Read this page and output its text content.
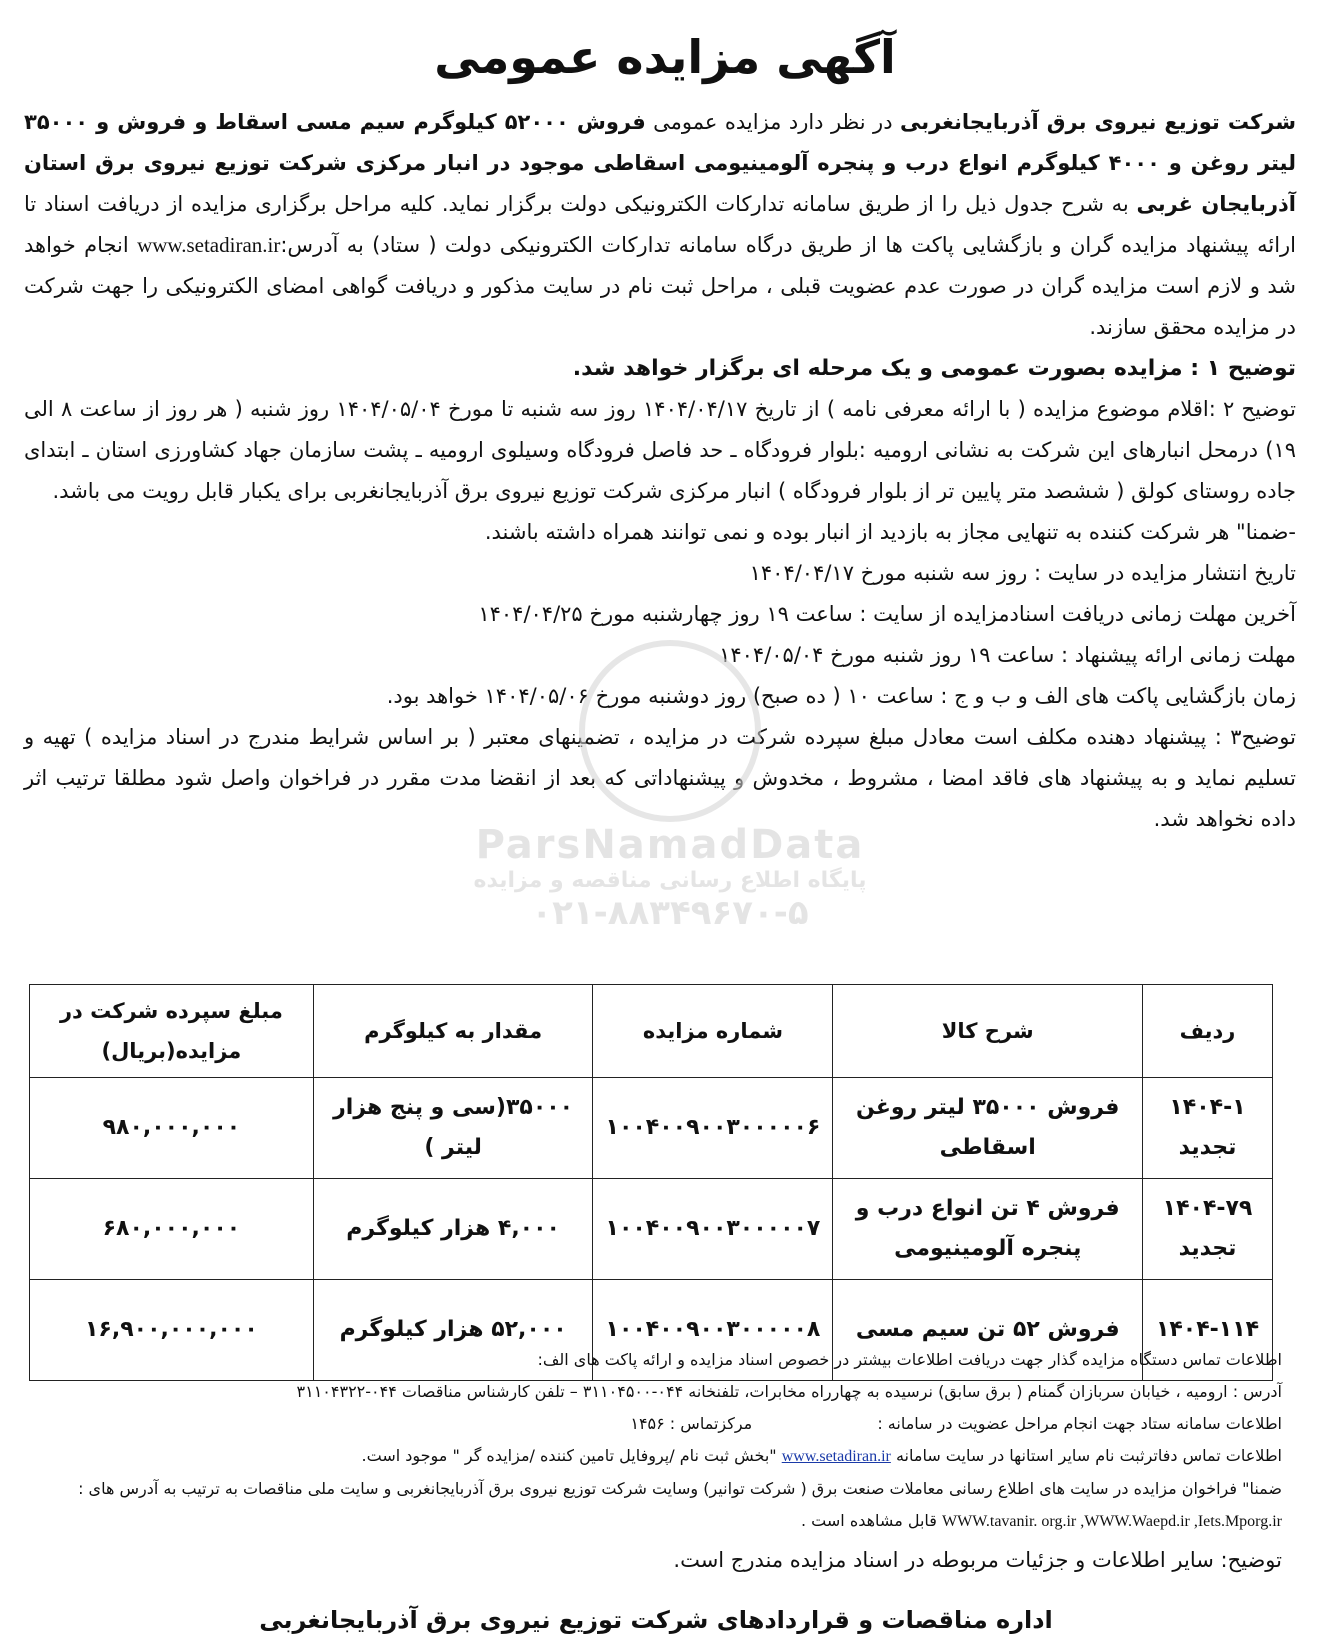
آگهی مزایده عمومی

شرکت توزیع نیروی برق آذربایجانغربی در نظر دارد مزایده عمومی فروش ۵۲۰۰۰ کیلوگرم سیم مسی اسقاط و فروش و ۳۵۰۰۰ لیتر روغن و ۴۰۰۰ کیلوگرم انواع درب و پنجره آلومینیومی اسقاطی موجود در انبار مرکزی شرکت توزیع نیروی برق استان آذربایجان غربی به شرح جدول ذیل را از طریق سامانه تدارکات الکترونیکی دولت برگزار نماید. کلیه مراحل برگزاری مزایده از دریافت اسناد تا ارائه پیشنهاد مزایده گران و بازگشایی پاکت ها از طریق درگاه سامانه تدارکات الکترونیکی دولت ( ستاد) به آدرس:www.setadiran.ir انجام خواهد شد و لازم است مزایده گران در صورت عدم عضویت قبلی ، مراحل ثبت نام در سایت مذکور و دریافت گواهی امضای الکترونیکی را جهت شرکت در مزایده محقق سازند.

توضیح ۱ : مزایده بصورت عمومی و یک مرحله ای برگزار خواهد شد.

توضیح ۲ :اقلام موضوع مزایده ( با ارائه معرفی نامه ) از تاریخ ۱۴۰۴/۰۴/۱۷ روز سه شنبه تا مورخ ۱۴۰۴/۰۵/۰۴ روز شنبه ( هر روز از ساعت ۸ الی ۱۹) درمحل انبارهای این شرکت به نشانی ارومیه :بلوار فرودگاه ـ حد فاصل فرودگاه وسیلوی ارومیه ـ پشت سازمان جهاد کشاورزی استان ـ ابتدای جاده روستای کولق ( ششصد متر پایین تر از بلوار فرودگاه ) انبار مرکزی شرکت توزیع نیروی برق آذربایجانغربی برای یکبار قابل رویت می باشد.

-ضمنا" هر شرکت کننده به تنهایی مجاز به بازدید از انبار بوده و نمی توانند همراه داشته باشند.

تاریخ انتشار مزایده در سایت : روز سه شنبه مورخ ۱۴۰۴/۰۴/۱۷

آخرین مهلت زمانی دریافت اسنادمزایده از سایت : ساعت ۱۹ روز چهارشنبه مورخ ۱۴۰۴/۰۴/۲۵

مهلت زمانی ارائه پیشنهاد : ساعت ۱۹ روز شنبه مورخ ۱۴۰۴/۰۵/۰۴

زمان بازگشایی پاکت های الف و ب و ج : ساعت ۱۰ ( ده صبح) روز دوشنبه مورخ ۱۴۰۴/۰۵/۰۶ خواهد بود.

توضیح۳ : پیشنهاد دهنده مکلف است معادل مبلغ سپرده شرکت در مزایده ، تضمینهای معتبر ( بر اساس شرایط مندرج در اسناد مزایده ) تهیه و تسلیم نماید و به پیشنهاد های فاقد امضا ، مشروط ، مخدوش و پیشنهاداتی که بعد از انقضا مدت مقرر در فراخوان واصل شود مطلقا ترتیب اثر داده نخواهد شد.

ParsNamadData
پایگاه اطلاع رسانی مناقصه و مزایده
۰۲۱-۸۸۳۴۹۶۷۰-۵
ردیف	شرح کالا	شماره مزایده	مقدار به کیلوگرم	مبلغ سپرده شرکت در مزایده(بریال)
۱۴۰۴-۱ تجدید	فروش ۳۵۰۰۰ لیتر روغن اسقاطی	۱۰۰۴۰۰۹۰۰۳۰۰۰۰۰۶	۳۵۰۰۰(سی و پنج هزار لیتر )	۹۸۰,۰۰۰,۰۰۰
۱۴۰۴-۷۹ تجدید	فروش ۴ تن انواع درب و پنجره آلومینیومی	۱۰۰۴۰۰۹۰۰۳۰۰۰۰۰۷	۴,۰۰۰ هزار کیلوگرم	۶۸۰,۰۰۰,۰۰۰
۱۴۰۴-۱۱۴	فروش ۵۲ تن سیم مسی	۱۰۰۴۰۰۹۰۰۳۰۰۰۰۰۸	۵۲,۰۰۰ هزار کیلوگرم	۱۶,۹۰۰,۰۰۰,۰۰۰

اطلاعات تماس دستگاه مزایده گذار جهت دریافت اطلاعات بیشتر در خصوص اسناد مزایده و ارائه پاکت های الف:

آدرس : ارومیه ، خیابان سربازان گمنام ( برق سابق) نرسیده به چهارراه مخابرات، تلفنخانه ۰۴۴-۳۱۱۰۴۵۰۰ – تلفن کارشناس مناقصات ۰۴۴-۳۱۱۰۴۳۲۲

اطلاعات سامانه ستاد جهت انجام مراحل عضویت در سامانه : مرکزتماس : ۱۴۵۶

اطلاعات تماس دفاترثبت نام سایر استانها در سایت سامانه www.setadiran.ir "بخش ثبت نام /پروفایل تامین کننده /مزایده گر " موجود است.

ضمنا" فراخوان مزایده در سایت های اطلاع رسانی معاملات صنعت برق ( شرکت توانیر) وسایت شرکت توزیع نیروی برق آذربایجانغربی و سایت ملی مناقصات به ترتیب به آدرس های :

WWW.tavanir. org.ir ,WWW.Waepd.ir ,Iets.Mporg.ir قابل مشاهده است .

توضیح: سایر اطلاعات و جزئیات مربوطه در اسناد مزایده مندرج است.

اداره مناقصات و قراردادهای شرکت توزیع نیروی برق آذربایجانغربی
